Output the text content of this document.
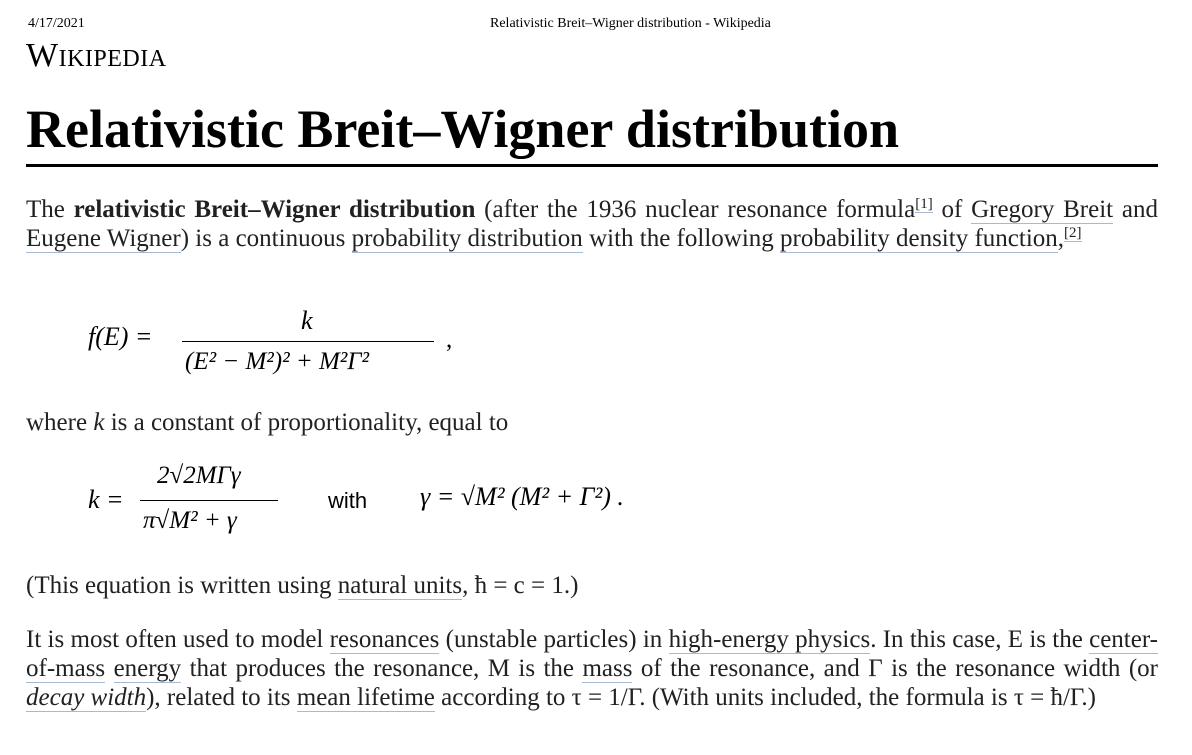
4/17/2021	Relativistic Breit–Wigner distribution - Wikipedia
Wikipedia
Relativistic Breit–Wigner distribution

The relativistic Breit–Wigner distribution (after the 1936 nuclear resonance formula[1] of Gregory Breit and Eugene Wigner) is a continuous probability distribution with the following probability density function,[2]

f(E) =
k
(E² − M²)² + M²Γ²
,

where k is a constant of proportionality, equal to

k =
2√2MΓγ
π√M² + γ
with γ = √M² (M² + Γ²) .

(This equation is written using natural units, ħ = c = 1.)

It is most often used to model resonances (unstable particles) in high-energy physics. In this case, E is the center-of-mass energy that produces the resonance, M is the mass of the resonance, and Γ is the resonance width (or decay width), related to its mean lifetime according to τ = 1/Γ. (With units included, the formula is τ = ħ/Γ.)
